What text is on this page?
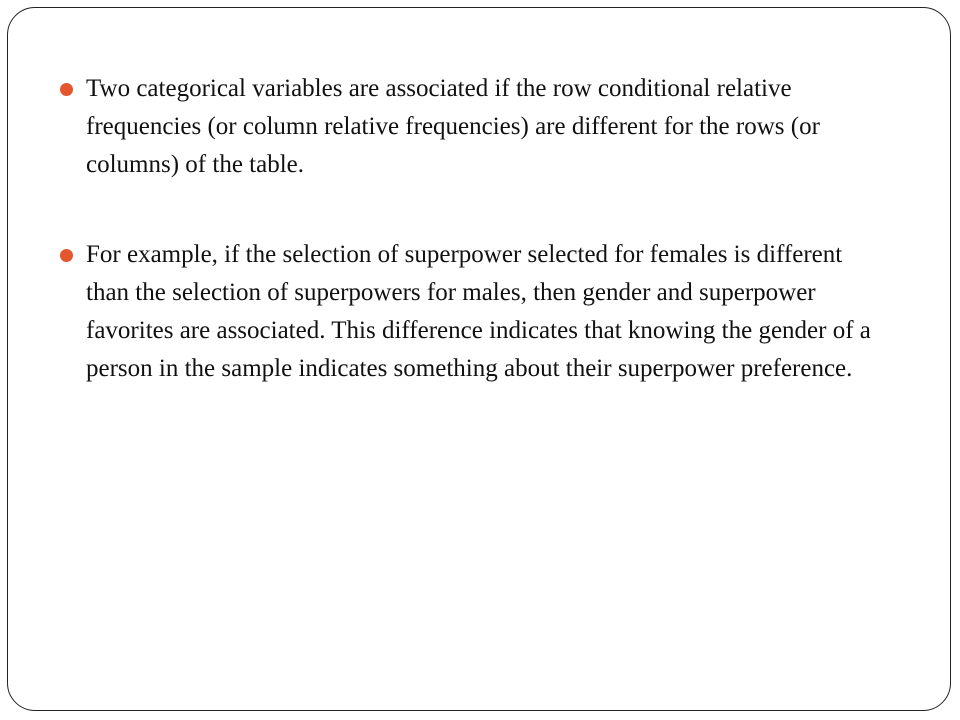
Two categorical variables are associated if the row conditional relative frequencies (or column relative frequencies) are different for the rows (or columns) of the table.
For example, if the selection of superpower selected for females is different than the selection of superpowers for males, then gender and superpower favorites are associated. This difference indicates that knowing the gender of a person in the sample indicates something about their superpower preference.
